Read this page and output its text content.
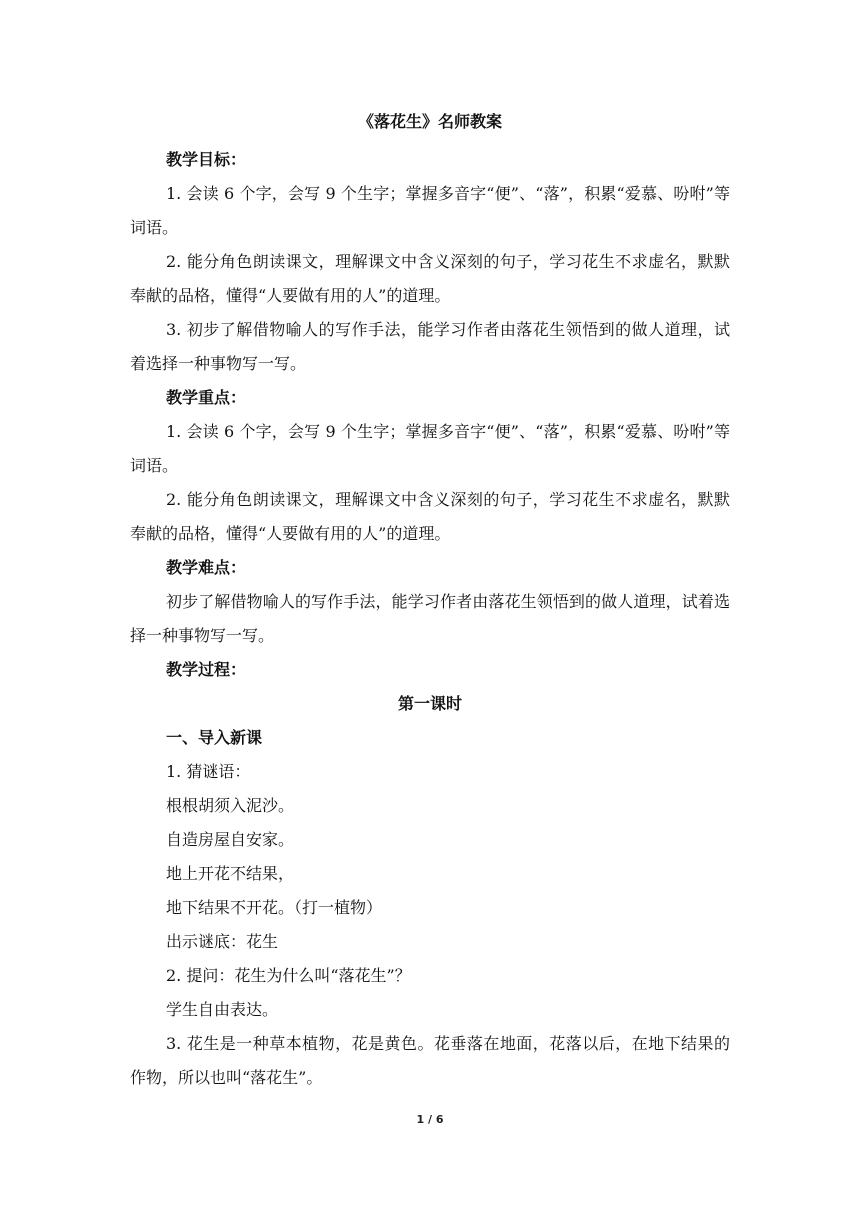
《落花生》名师教案

教学目标：

1. 会读 6 个字，会写 9 个生字；掌握多音字“便”、“落”，积累“爱慕、吩咐”等词语。

2. 能分角色朗读课文，理解课文中含义深刻的句子，学习花生不求虚名，默默奉献的品格，懂得“人要做有用的人”的道理。

3. 初步了解借物喻人的写作手法，能学习作者由落花生领悟到的做人道理，试着选择一种事物写一写。

教学重点：

1. 会读 6 个字，会写 9 个生字；掌握多音字“便”、“落”，积累“爱慕、吩咐”等词语。

2. 能分角色朗读课文，理解课文中含义深刻的句子，学习花生不求虚名，默默奉献的品格，懂得“人要做有用的人”的道理。

教学难点：

初步了解借物喻人的写作手法，能学习作者由落花生领悟到的做人道理，试着选择一种事物写一写。

教学过程：

第一课时

一、导入新课

1. 猜谜语：

根根胡须入泥沙。

自造房屋自安家。

地上开花不结果，

地下结果不开花。（打一植物）

出示谜底：花生

2. 提问：花生为什么叫“落花生”？

学生自由表达。

3. 花生是一种草本植物，花是黄色。花垂落在地面，花落以后，在地下结果的作物，所以也叫“落花生”。

1 / 6
